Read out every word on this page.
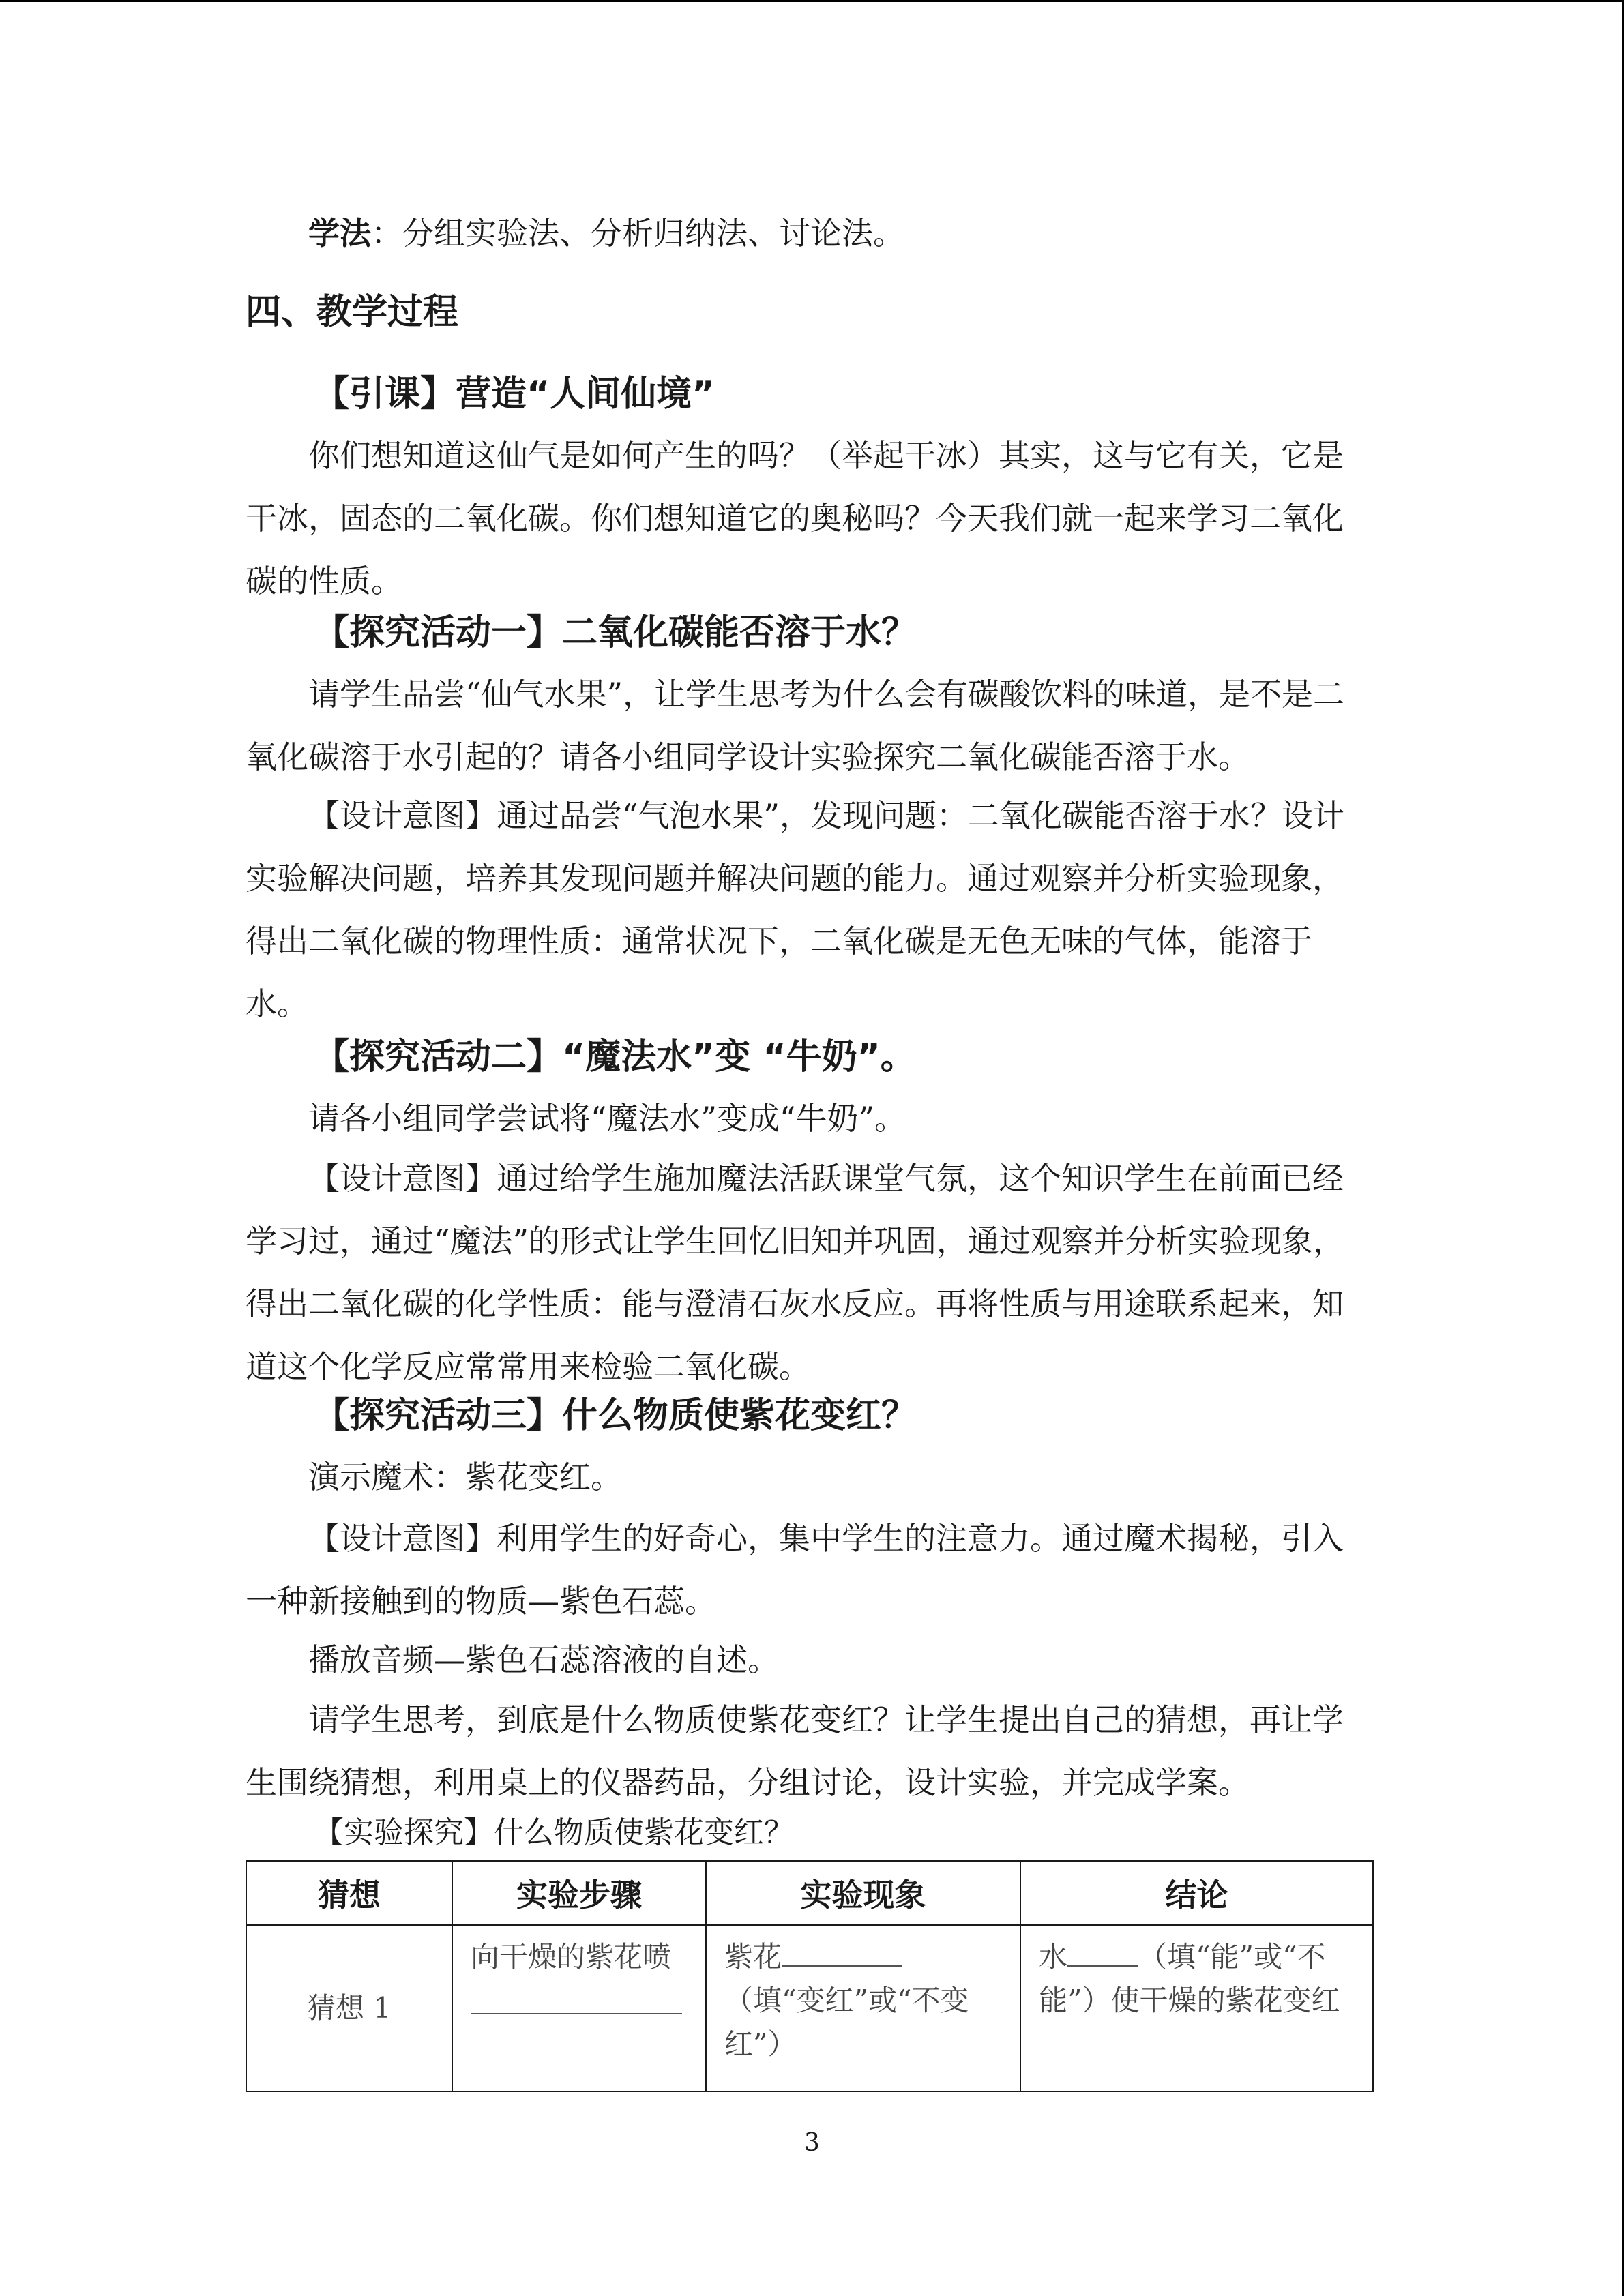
学法：分组实验法、分析归纳法、讨论法。

四、教学过程
【引课】营造“人间仙境”

你们想知道这仙气是如何产生的吗？（举起干冰）其实，这与它有关，它是干冰，固态的二氧化碳。你们想知道它的奥秘吗？今天我们就一起来学习二氧化碳的性质。

【探究活动一】二氧化碳能否溶于水？

请学生品尝“仙气水果”，让学生思考为什么会有碳酸饮料的味道，是不是二氧化碳溶于水引起的？请各小组同学设计实验探究二氧化碳能否溶于水。

【设计意图】通过品尝“气泡水果”，发现问题：二氧化碳能否溶于水？设计实验解决问题，培养其发现问题并解决问题的能力。通过观察并分析实验现象，得出二氧化碳的物理性质：通常状况下，二氧化碳是无色无味的气体，能溶于水。

【探究活动二】“魔法水”变 “牛奶”。

请各小组同学尝试将“魔法水”变成“牛奶”。

【设计意图】通过给学生施加魔法活跃课堂气氛，这个知识学生在前面已经学习过，通过“魔法”的形式让学生回忆旧知并巩固，通过观察并分析实验现象，得出二氧化碳的化学性质：能与澄清石灰水反应。再将性质与用途联系起来，知道这个化学反应常常用来检验二氧化碳。

【探究活动三】什么物质使紫花变红？

演示魔术：紫花变红。

【设计意图】利用学生的好奇心，集中学生的注意力。通过魔术揭秘，引入一种新接触到的物质—紫色石蕊。

播放音频—紫色石蕊溶液的自述。

请学生思考，到底是什么物质使紫花变红？让学生提出自己的猜想，再让学生围绕猜想，利用桌上的仪器药品，分组讨论，设计实验，并完成学案。

【实验探究】什么物质使紫花变红？

猜想	实验步骤	实验现象	结论
猜想 1	向干燥的紫花喷	紫花（填“变红”或“不变红”）	水 （填“能”或“不能”）使干燥的紫花变红
3
